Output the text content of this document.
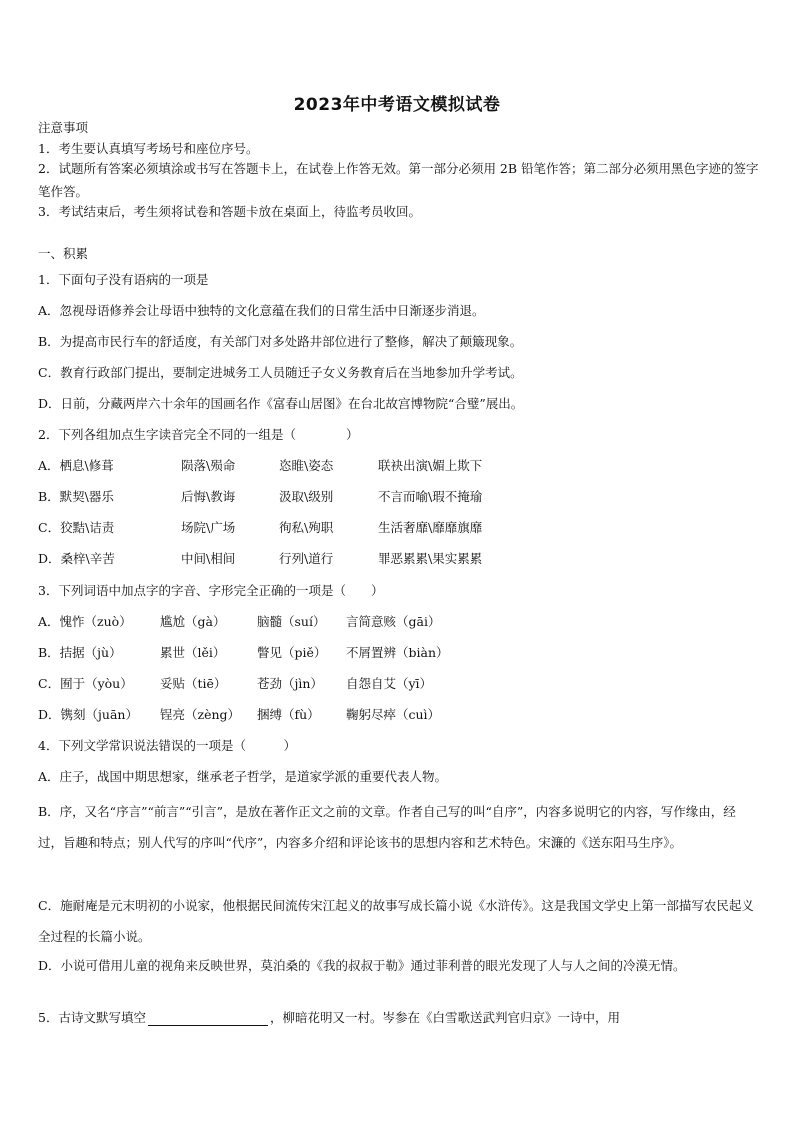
2023年中考语文模拟试卷
注意事项
1．考生要认真填写考场号和座位序号。
2．试题所有答案必须填涂或书写在答题卡上，在试卷上作答无效。第一部分必须用 2B 铅笔作答；第二部分必须用黑色字迹的签字笔作答。
3．考试结束后，考生须将试卷和答题卡放在桌面上，待监考员收回。
一、积累
1．下面句子没有语病的一项是
A．忽视母语修养会让母语中独特的文化意蕴在我们的日常生活中日渐逐步消退。
B．为提高市民行车的舒适度，有关部门对多处路井部位进行了整修，解决了颠簸现象。
C．教育行政部门提出，要制定进城务工人员随迁子女义务教育后在当地参加升学考试。
D．日前，分藏两岸六十余年的国画名作《富春山居图》在台北故宫博物院“合璧”展出。
2．下列各组加点生字读音完全不同的一组是（　　　　）
A．栖息\修葺	陨落\殒命	恣睢\姿态	联袂出演\媚上欺下
B．默契\器乐	后悔\教诲	汲取\级别	不言而喻\瑕不掩瑜
C．狡黠\诘责	场院\广场	徇私\殉职	生活奢靡\靡靡旗靡
D．桑梓\辛苦	中间\相间	行列\道行	罪恶累累\果实累累
3．下列词语中加点字的字音、字形完全正确的一项是（　　）
A．愧怍（zuò） 尴尬（gà）	脑髓（suí） 言简意赅（gāi）
B．拮据（jù）	累世（lěi）	瞥见（piě） 不屑置辨（biàn）
C．囿于（yòu） 妥贴（tiē） 苍劲（jìn） 自怨自艾（yī）
D．镌刻（juān） 锃亮（zèng） 捆缚（fù） 鞠躬尽瘁（cuì）
4．下列文学常识说法错误的一项是（　　　）
A．庄子，战国中期思想家，继承老子哲学，是道家学派的重要代表人物。
B．序，又名“序言”“前言”“引言”，是放在著作正文之前的文章。作者自己写的叫“自序”，内容多说明它的内容，写作缘由，经过，旨趣和特点；别人代写的序叫“代序”，内容多介绍和评论该书的思想内容和艺术特色。宋濂的《送东阳马生序》。
C．施耐庵是元末明初的小说家，他根据民间流传宋江起义的故事写成长篇小说《水浒传》。这是我国文学史上第一部描写农民起义全过程的长篇小说。
D．小说可借用儿童的视角来反映世界，莫泊桑的《我的叔叔于勒》通过菲利普的眼光发现了人与人之间的冷漠无情。
5．古诗文默写填空	，柳暗花明又一村。岑参在《白雪歌送武判官归京》一诗中，用
